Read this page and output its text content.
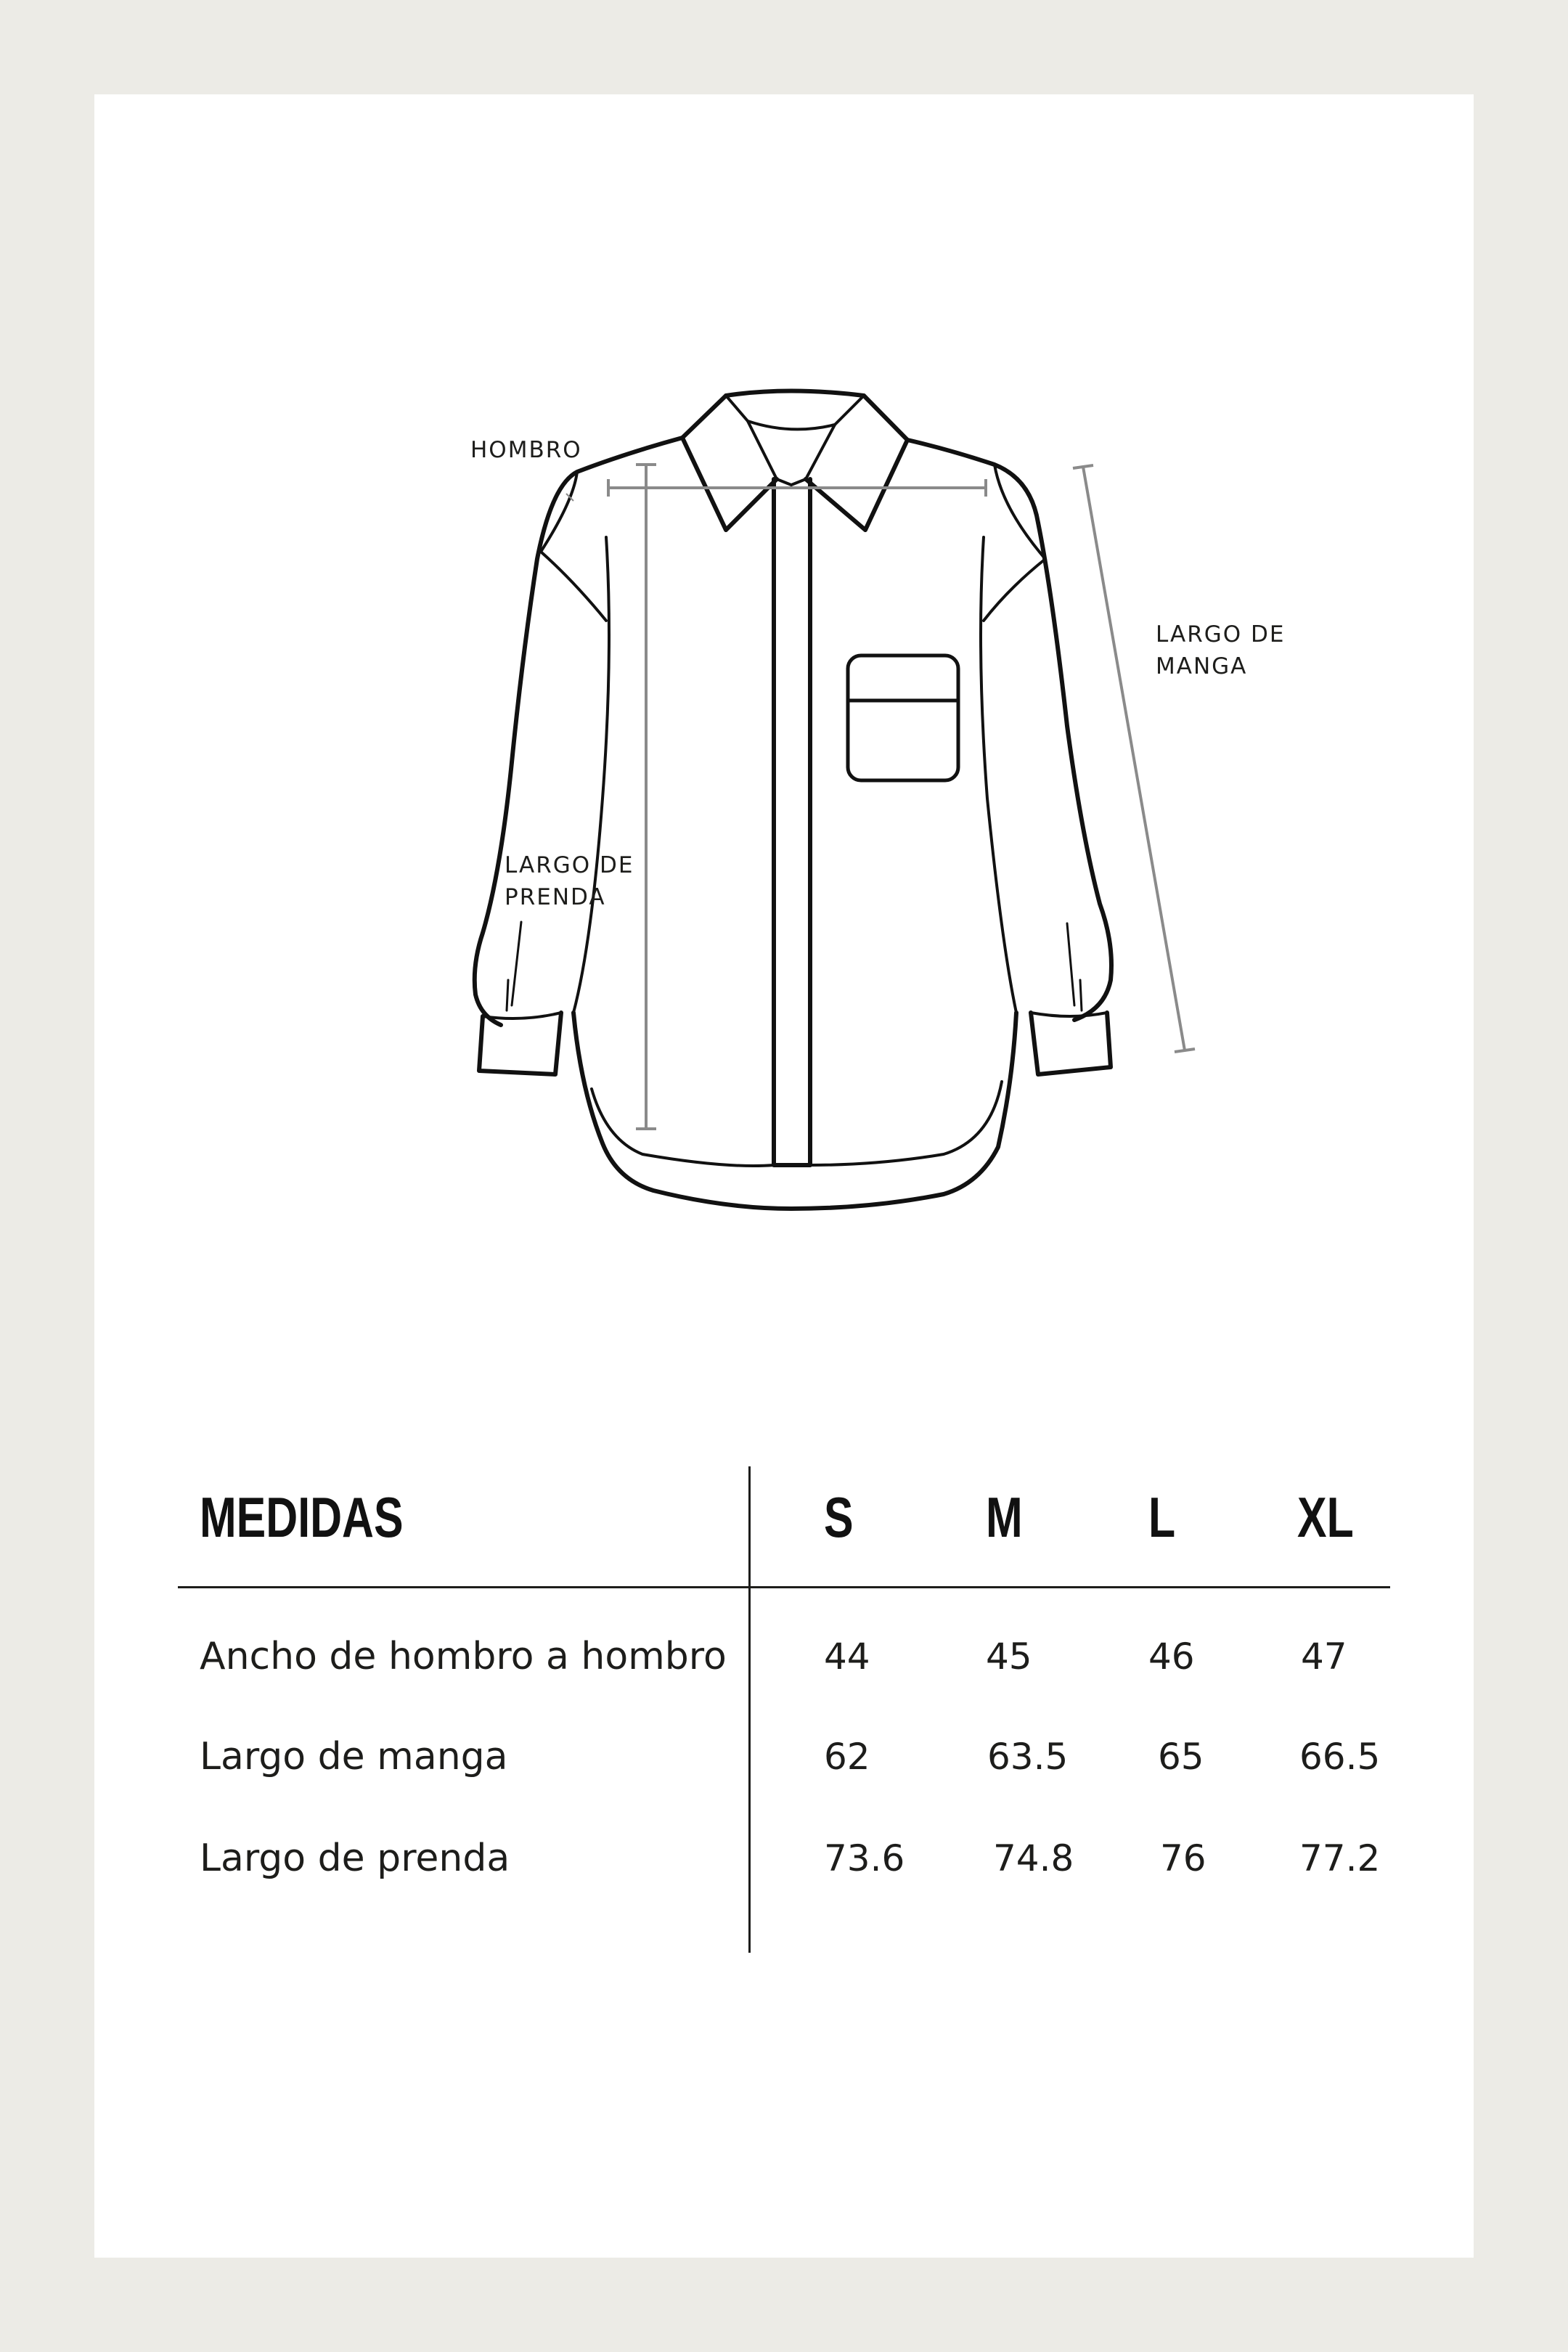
HOMBRO
LARGO DE
MANGA
LARGO DE
PRENDA
MEDIDAS	S M L XL
Ancho de hombro a hombro	44	45	46	47
Largo de manga	62	63.5 65	66.5
Largo de prenda	73.6 74.8 76	77.2
